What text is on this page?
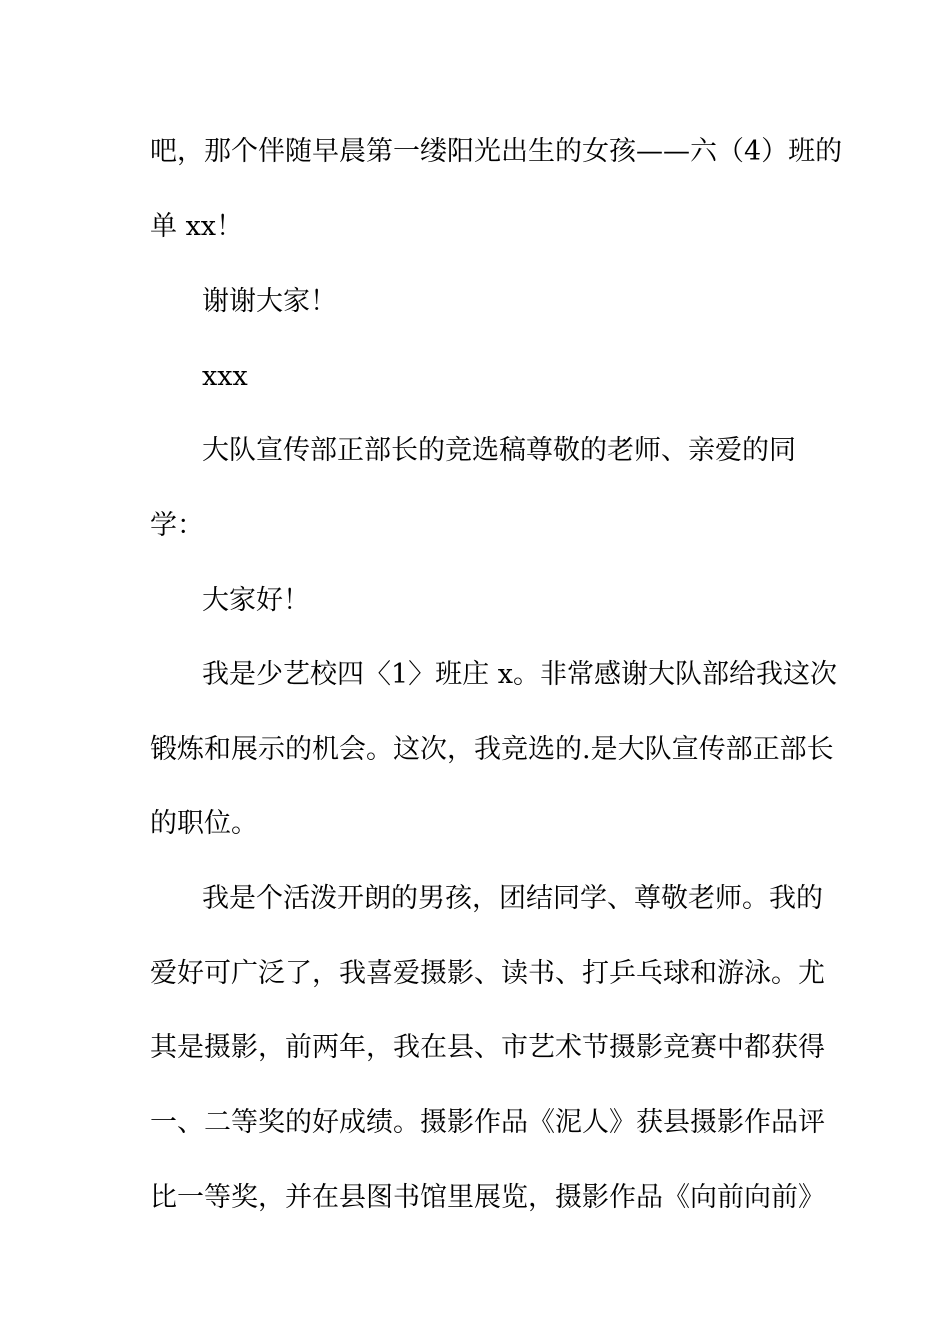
吧，那个伴随早晨第一缕阳光出生的女孩——六（4）班的
单 xx！
谢谢大家！
xxx
大队宣传部正部长的竞选稿尊敬的老师、亲爱的同
学：
大家好！
我是少艺校四〈1〉班庄 x。非常感谢大队部给我这次
锻炼和展示的机会。这次，我竞选的.是大队宣传部正部长
的职位。
我是个活泼开朗的男孩，团结同学、尊敬老师。我的
爱好可广泛了，我喜爱摄影、读书、打乒乓球和游泳。尤
其是摄影，前两年，我在县、市艺术节摄影竞赛中都获得
一、二等奖的好成绩。摄影作品《泥人》获县摄影作品评
比一等奖，并在县图书馆里展览，摄影作品《向前向前》
